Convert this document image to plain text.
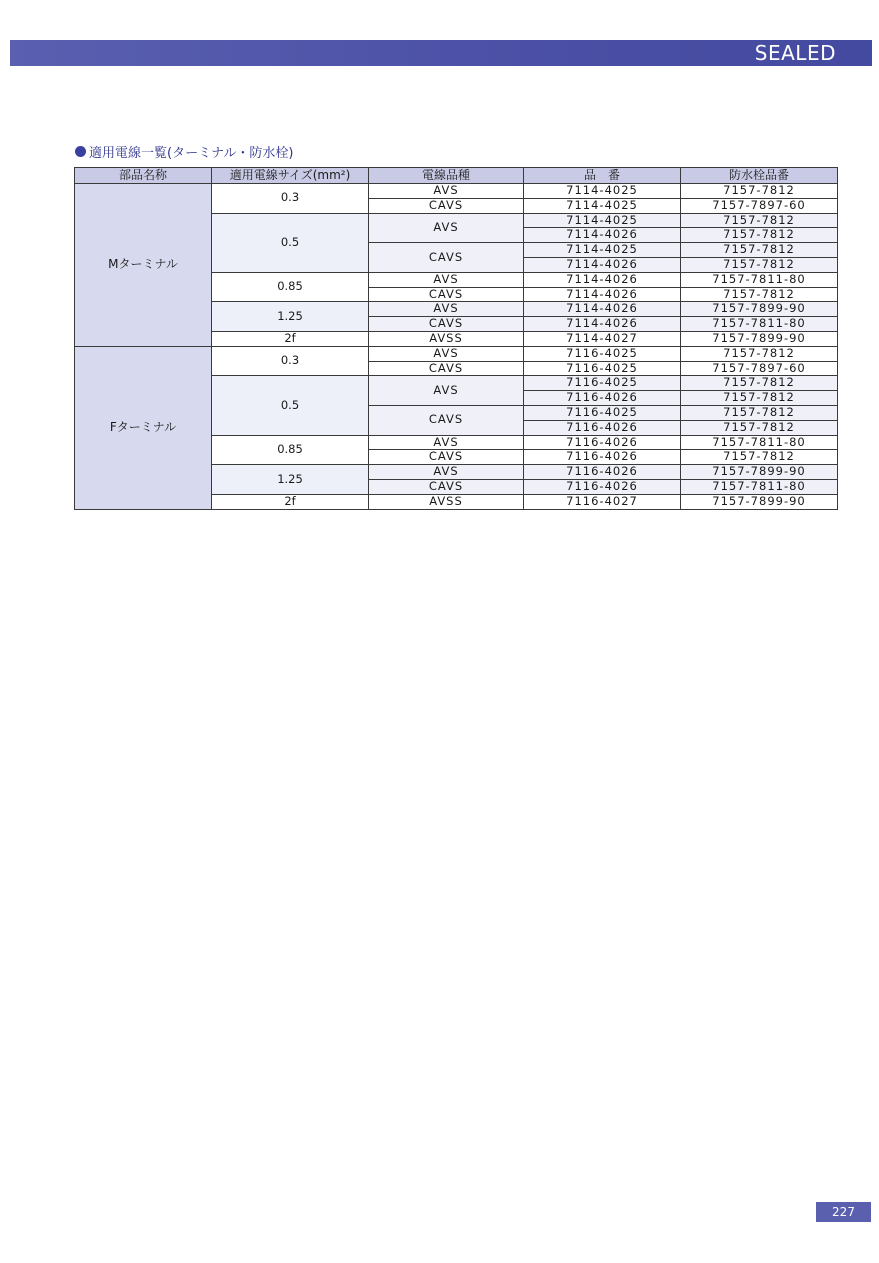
SEALED
適用電線一覧(ターミナル・防水栓)
部品名称	適用電線サイズ(mm²)	電線品種	品　番	防水栓品番
Mターミナル	0.3	AVS	7114-4025	7157-7812
		CAVS	7114-4025	7157-7897-60
	0.5	AVS	7114-4025	7157-7812
			7114-4026	7157-7812
		CAVS	7114-4025	7157-7812
			7114-4026	7157-7812
	0.85	AVS	7114-4026	7157-7811-80
		CAVS	7114-4026	7157-7812
	1.25	AVS	7114-4026	7157-7899-90
		CAVS	7114-4026	7157-7811-80
	2f	AVSS	7114-4027	7157-7899-90
Fターミナル	0.3	AVS	7116-4025	7157-7812
		CAVS	7116-4025	7157-7897-60
	0.5	AVS	7116-4025	7157-7812
			7116-4026	7157-7812
		CAVS	7116-4025	7157-7812
			7116-4026	7157-7812
	0.85	AVS	7116-4026	7157-7811-80
		CAVS	7116-4026	7157-7812
	1.25	AVS	7116-4026	7157-7899-90
		CAVS	7116-4026	7157-7811-80
	2f	AVSS	7116-4027	7157-7899-90
227
